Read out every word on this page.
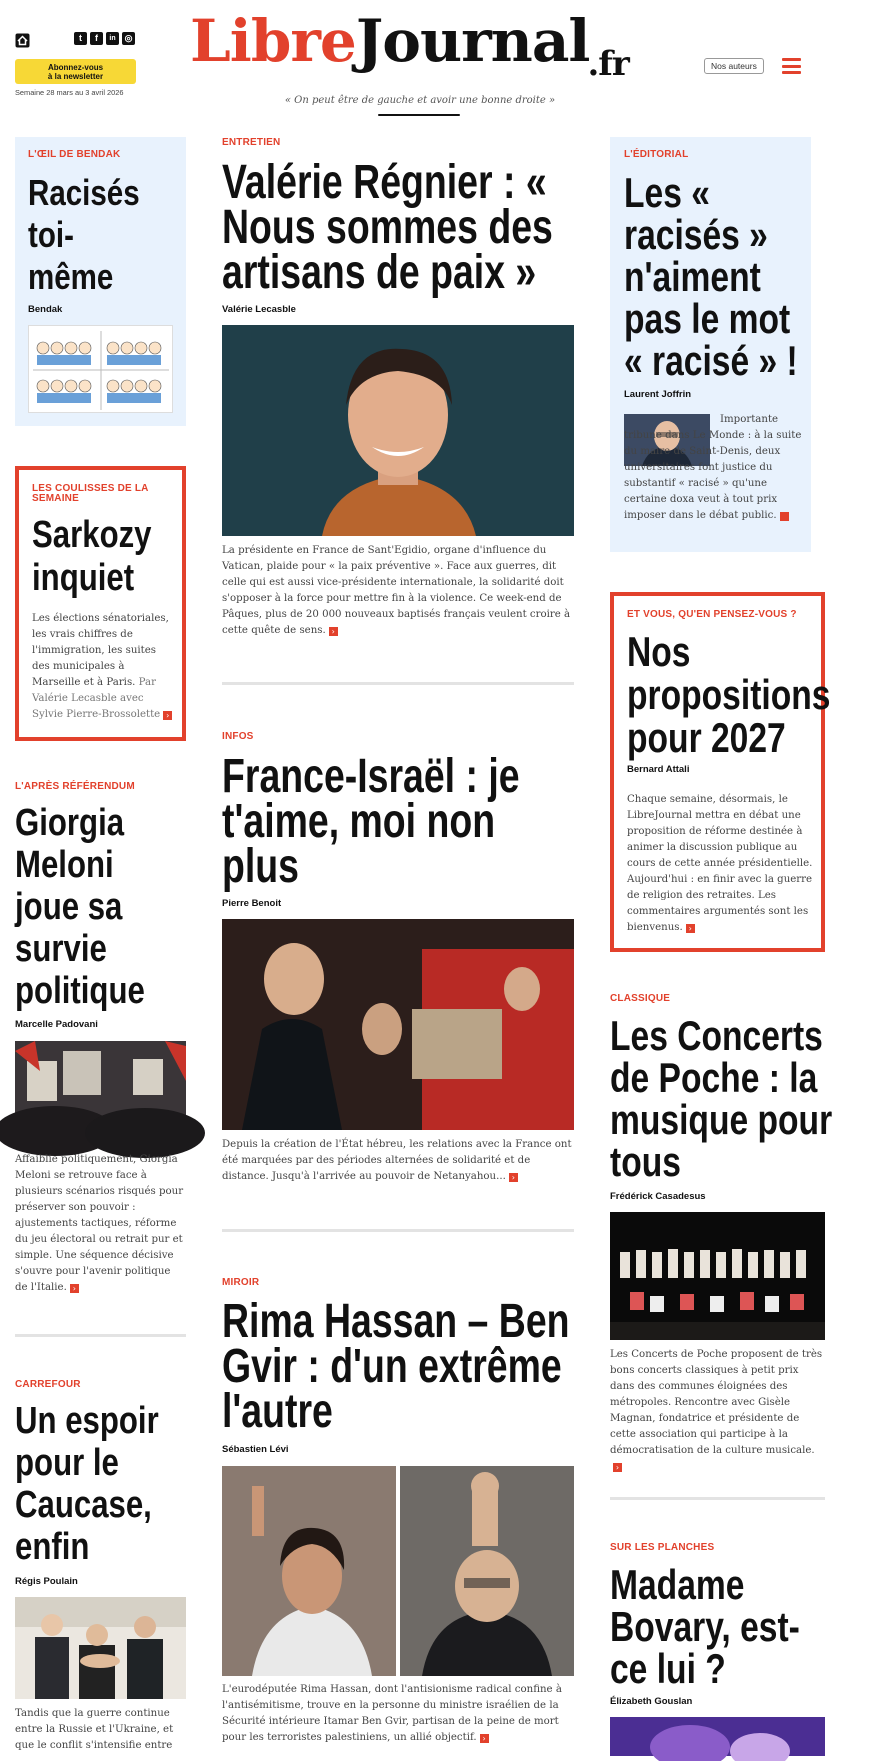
t	f	in ◎
Abonnez-vous
à la newsletter
Semaine 28 mars au 3 avril 2026
LibreJournal$_{.fr}$
« On peut être de gauche et avoir une bonne droite »
Nos auteurs
L'ŒIL DE BENDAK
Racisés
toi-
même
Bendak
LES COULISSES DE LA
SEMAINE
Sarkozy
inquiet
Les élections sénatoriales, les vrais chiffres de l'immigration, les suites des municipales à Marseille et à Paris. Par Valérie Lecasble avec Sylvie Pierre-Brossolette ›
L'APRÈS RÉFÉRENDUM
Giorgia
Meloni
joue sa
survie
politique
Marcelle Padovani
Affaiblie politiquement, Giorgia Meloni se retrouve face à plusieurs scénarios risqués pour préserver son pouvoir : ajustements tactiques, réforme du jeu électoral ou retrait pur et simple. Une séquence décisive s'ouvre pour l'avenir politique de l'Italie. ›
CARREFOUR
Un espoir
pour le
Caucase,
enfin
Régis Poulain
Tandis que la guerre continue entre la Russie et l'Ukraine, et que le conflit s'intensifie entre
ENTRETIEN
Valérie Régnier : «
Nous sommes des
artisans de paix »
Valérie Lecasble
La présidente en France de Sant'Egidio, organe d'influence du Vatican, plaide pour « la paix préventive ». Face aux guerres, dit celle qui est aussi vice-présidente internationale, la solidarité doit s'opposer à la force pour mettre fin à la violence. Ce week-end de Pâques, plus de 20 000 nouveaux baptisés français veulent croire à cette quête de sens. ›
INFOS
France-Israël : je
t'aime, moi non
plus
Pierre Benoit
Depuis la création de l'État hébreu, les relations avec la France ont été marquées par des périodes alternées de solidarité et de distance. Jusqu'à l'arrivée au pouvoir de Netanyahou... ›
MIROIR
Rima Hassan – Ben
Gvir : d'un extrême
l'autre
Sébastien Lévi
L'eurodéputée Rima Hassan, dont l'antisionisme radical confine à l'antisémitisme, trouve en la personne du ministre israélien de la Sécurité intérieure Itamar Ben Gvir, partisan de la peine de mort pour les terroristes palestiniens, un allié objectif. ›
L'ÉDITORIAL
Les «
racisés »
n'aiment
pas le mot
« racisé » !
Laurent Joffrin
Importante tribune dans Le Monde : à la suite du maire de Saint-Denis, deux universitaires font justice du substantif « racisé » qu'une certaine doxa veut à tout prix imposer dans le débat public.	›
ET VOUS, QU'EN PENSEZ-VOUS ?
Nos
propositions
pour 2027
Bernard Attali
Chaque semaine, désormais, le LibreJournal mettra en débat une proposition de réforme destinée à animer la discussion publique au cours de cette année présidentielle. Aujourd'hui : en finir avec la guerre de religion des retraites. Les commentaires argumentés sont les bienvenus. ›
CLASSIQUE
Les Concerts
de Poche : la
musique pour
tous
Frédérick Casadesus
Les Concerts de Poche proposent de très bons concerts classiques à petit prix dans des communes éloignées des métropoles. Rencontre avec Gisèle Magnan, fondatrice et présidente de cette association qui participe à la démocratisation de la culture musicale.›
SUR LES PLANCHES
Madame
Bovary, est-
ce lui ?
Élizabeth Gouslan
